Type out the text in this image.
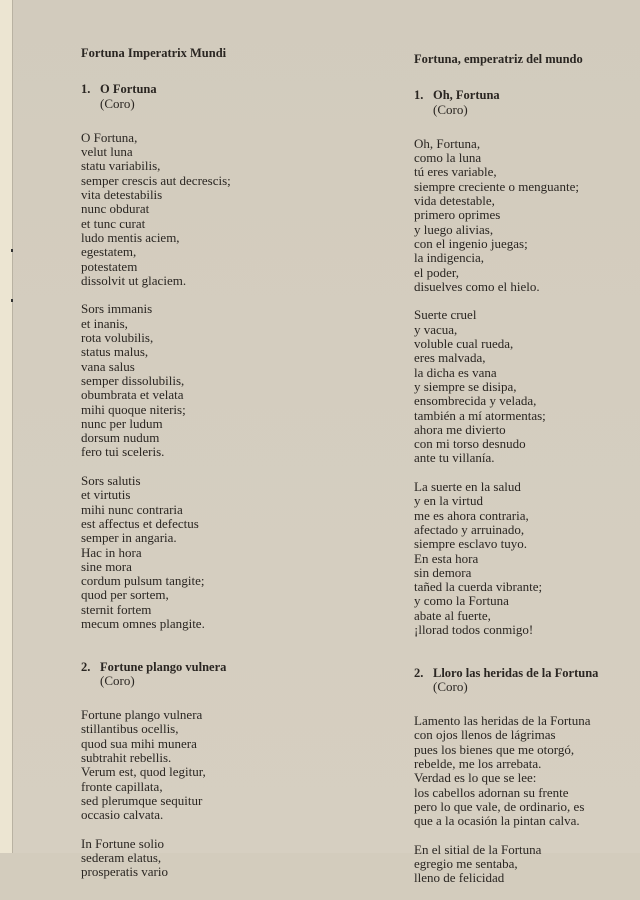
Fortuna Imperatrix Mundi
1. O Fortuna
(Coro)
O Fortuna,
velut luna
statu variabilis,
semper crescis aut decrescis;
vita detestabilis
nunc obdurat
et tunc curat
ludo mentis aciem,
egestatem,
potestatem
dissolvit ut glaciem.
Sors immanis
et inanis,
rota volubilis,
status malus,
vana salus
semper dissolubilis,
obumbrata et velata
mihi quoque niteris;
nunc per ludum
dorsum nudum
fero tui sceleris.
Sors salutis
et virtutis
mihi nunc contraria
est affectus et defectus
semper in angaria.
Hac in hora
sine mora
cordum pulsum tangite;
quod per sortem,
sternit fortem
mecum omnes plangite.
2. Fortune plango vulnera
(Coro)
Fortune plango vulnera
stillantibus ocellis,
quod sua mihi munera
subtrahit rebellis.
Verum est, quod legitur,
fronte capillata,
sed plerumque sequitur
occasio calvata.
In Fortune solio
sederam elatus,
prosperatis vario
Fortuna, emperatriz del mundo
1. Oh, Fortuna
(Coro)
Oh, Fortuna,
como la luna
tú eres variable,
siempre creciente o menguante;
vida detestable,
primero oprimes
y luego alivias,
con el ingenio juegas;
la indigencia,
el poder,
disuelves como el hielo.
Suerte cruel
y vacua,
voluble cual rueda,
eres malvada,
la dicha es vana
y siempre se disipa,
ensombrecida y velada,
también a mí atormentas;
ahora me divierto
con mi torso desnudo
ante tu villanía.
La suerte en la salud
y en la virtud
me es ahora contraria,
afectado y arruinado,
siempre esclavo tuyo.
En esta hora
sin demora
tañed la cuerda vibrante;
y como la Fortuna
abate al fuerte,
¡llorad todos conmigo!
2. Lloro las heridas de la Fortuna
(Coro)
Lamento las heridas de la Fortuna
con ojos llenos de lágrimas
pues los bienes que me otorgó,
rebelde, me los arrebata.
Verdad es lo que se lee:
los cabellos adornan su frente
pero lo que vale, de ordinario, es
que a la ocasión la pintan calva.
En el sitial de la Fortuna
egregio me sentaba,
lleno de felicidad
